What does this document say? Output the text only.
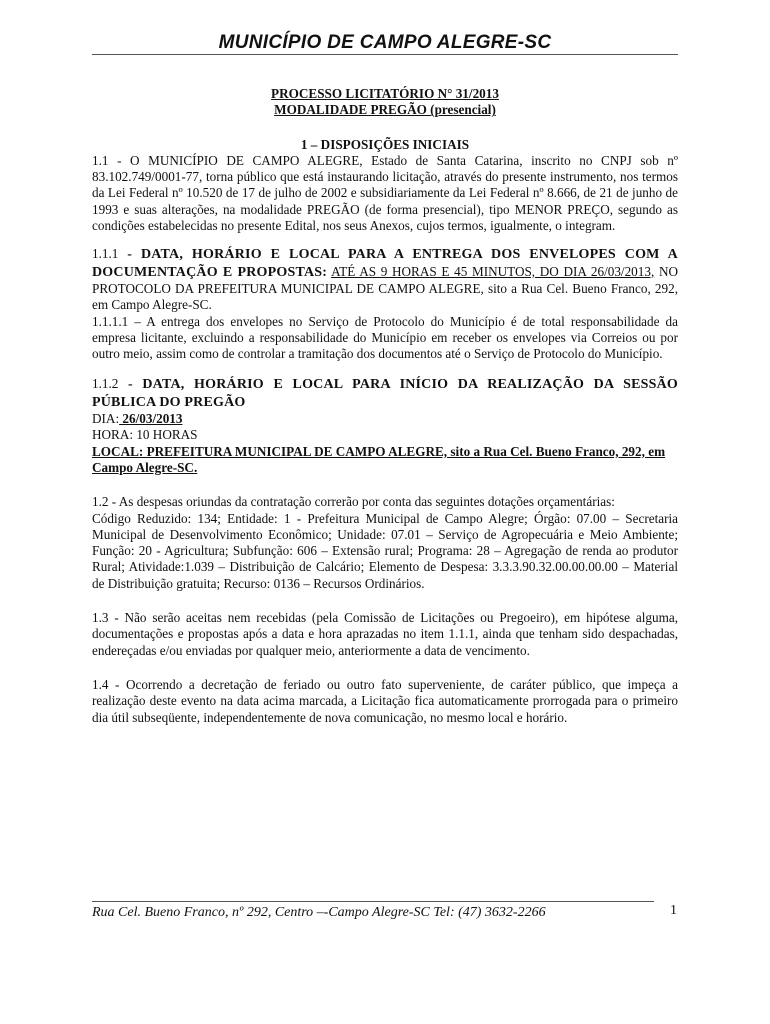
MUNICÍPIO DE CAMPO ALEGRE-SC

PROCESSO LICITATÓRIO N° 31/2013

MODALIDADE PREGÃO (presencial)

1 – DISPOSIÇÕES INICIAIS

1.1 - O MUNICÍPIO DE CAMPO ALEGRE, Estado de Santa Catarina, inscrito no CNPJ sob nº 83.102.749/0001-77, torna público que está instaurando licitação, através do presente instrumento, nos termos da Lei Federal nº 10.520 de 17 de julho de 2002 e subsidiariamente da Lei Federal nº 8.666, de 21 de junho de 1993 e suas alterações, na modalidade PREGÃO (de forma presencial), tipo MENOR PREÇO, segundo as condições estabelecidas no presente Edital, nos seus Anexos, cujos termos, igualmente, o integram.

1.1.1 - DATA, HORÁRIO E LOCAL PARA A ENTREGA DOS ENVELOPES COM A DOCUMENTAÇÃO E PROPOSTAS: ATÉ AS 9 HORAS E 45 MINUTOS, DO DIA 26/03/2013, NO PROTOCOLO DA PREFEITURA MUNICIPAL DE CAMPO ALEGRE, sito a Rua Cel. Bueno Franco, 292, em Campo Alegre-SC.

1.1.1.1 – A entrega dos envelopes no Serviço de Protocolo do Município é de total responsabilidade da empresa licitante, excluindo a responsabilidade do Município em receber os envelopes via Correios ou por outro meio, assim como de controlar a tramitação dos documentos até o Serviço de Protocolo do Município.

1.1.2 - DATA, HORÁRIO E LOCAL PARA INÍCIO DA REALIZAÇÃO DA SESSÃO PÚBLICA DO PREGÃO

DIA: 26/03/2013

HORA: 10 HORAS

LOCAL: PREFEITURA MUNICIPAL DE CAMPO ALEGRE, sito a Rua Cel. Bueno Franco, 292, em Campo Alegre-SC.

1.2 - As despesas oriundas da contratação correrão por conta das seguintes dotações orçamentárias:

Código Reduzido: 134; Entidade: 1 - Prefeitura Municipal de Campo Alegre; Órgão: 07.00 – Secretaria Municipal de Desenvolvimento Econômico; Unidade: 07.01 – Serviço de Agropecuária e Meio Ambiente; Função: 20 - Agricultura; Subfunção: 606 – Extensão rural; Programa: 28 – Agregação de renda ao produtor Rural; Atividade:1.039 – Distribuição de Calcário; Elemento de Despesa: 3.3.3.90.32.00.00.00.00 – Material de Distribuição gratuita; Recurso: 0136 – Recursos Ordinários.

1.3 - Não serão aceitas nem recebidas (pela Comissão de Licitações ou Pregoeiro), em hipótese alguma, documentações e propostas após a data e hora aprazadas no item 1.1.1, ainda que tenham sido despachadas, endereçadas e/ou enviadas por qualquer meio, anteriormente a data de vencimento.

1.4 - Ocorrendo a decretação de feriado ou outro fato superveniente, de caráter público, que impeça a realização deste evento na data acima marcada, a Licitação fica automaticamente prorrogada para o primeiro dia útil subseqüente, independentemente de nova comunicação, no mesmo local e horário.

Rua Cel. Bueno Franco, nº 292, Centro –-Campo Alegre-SC Tel: (47) 3632-2266	1
